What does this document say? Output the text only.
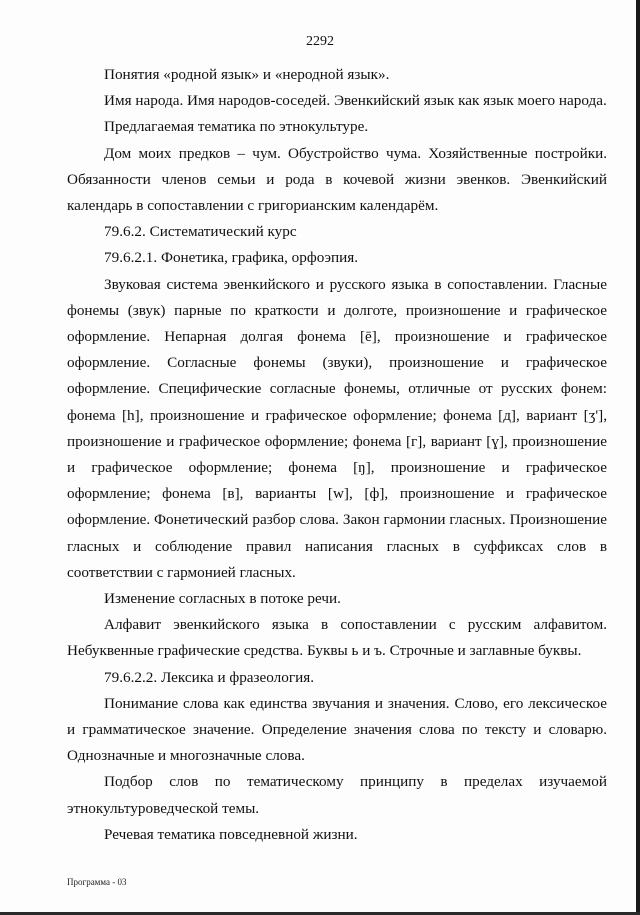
2292

Понятия «родной язык» и «неродной язык».

Имя народа. Имя народов-соседей. Эвенкийский язык как язык моего народа.

Предлагаемая тематика по этнокультуре.

Дом моих предков – чум. Обустройство чума. Хозяйственные постройки. Обязанности членов семьи и рода в кочевой жизни эвенков. Эвенкийский календарь в сопоставлении с григорианским календарём.

79.6.2. Систематический курс

79.6.2.1. Фонетика, графика, орфоэпия.

Звуковая система эвенкийского и русского языка в сопоставлении. Гласные фонемы (звук) парные по краткости и долготе, произношение и графическое оформление. Непарная долгая фонема [ē], произношение и графическое оформление. Согласные фонемы (звуки), произношение и графическое оформление. Специфические согласные фонемы, отличные от русских фонем: фонема [h], произношение и графическое оформление; фонема [д], вариант [ʒ'], произношение и графическое оформление; фонема [г], вариант [ɣ], произношение и графическое оформление; фонема [ŋ], произношение и графическое оформление; фонема [в], варианты [w], [ф], произношение и графическое оформление. Фонетический разбор слова. Закон гармонии гласных. Произношение гласных и соблюдение правил написания гласных в суффиксах слов в соответствии с гармонией гласных.

Изменение согласных в потоке речи.

Алфавит эвенкийского языка в сопоставлении с русским алфавитом. Небуквенные графические средства. Буквы ь и ъ. Строчные и заглавные буквы.

79.6.2.2. Лексика и фразеология.

Понимание слова как единства звучания и значения. Слово, его лексическое и грамматическое значение. Определение значения слова по тексту и словарю. Однозначные и многозначные слова.

Подбор слов по тематическому принципу в пределах изучаемой этнокультуроведческой темы.

Речевая тематика повседневной жизни.

Программа - 03
